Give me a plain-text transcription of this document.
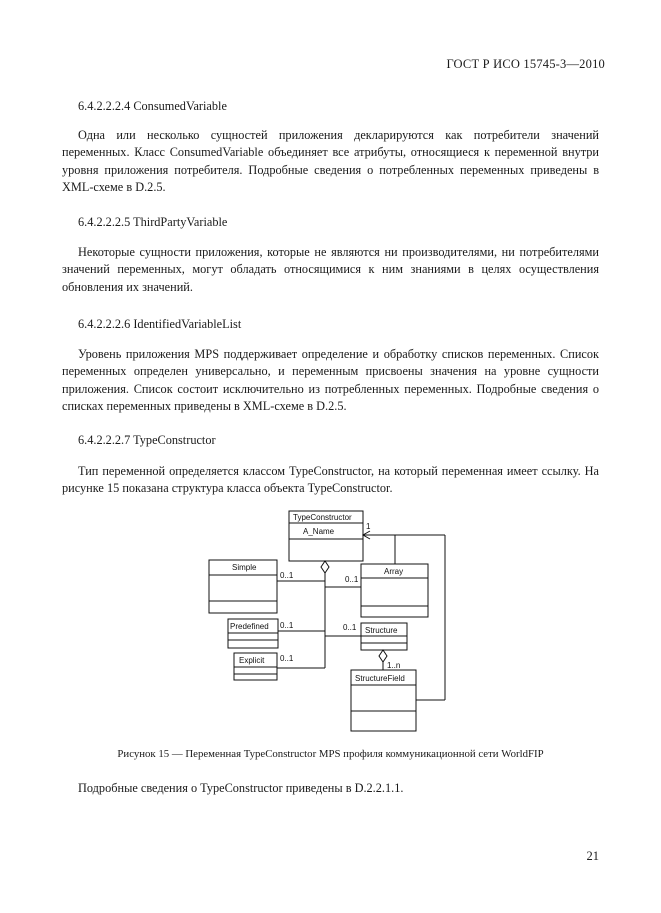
ГОСТ Р ИСО 15745-3—2010
6.4.2.2.2.4 ConsumedVariable
Одна или несколько сущностей приложения декларируются как потребители значений переменных. Класс ConsumedVariable объединяет все атрибуты, относящиеся к переменной внутри уровня приложения потребителя. Подробные сведения о потребленных переменных приведены в XML-схеме в D.2.5.
6.4.2.2.2.5 ThirdPartyVariable
Некоторые сущности приложения, которые не являются ни производителями, ни потребителями значений переменных, могут обладать относящимися к ним знаниями в целях осуществления обновления их значений.
6.4.2.2.2.6 IdentifiedVariableList
Уровень приложения MPS поддерживает определение и обработку списков переменных. Список переменных определен универсально, и переменным присвоены значения на уровне сущности приложения. Список состоит исключительно из потребленных переменных. Подробные сведения о списках переменных приведены в XML-схеме в D.2.5.
6.4.2.2.2.7 TypeConstructor
Тип переменной определяется классом TypeConstructor, на который переменная имеет ссылку. На рисунке 15 показана структура класса объекта TypeConstructor.
TypeConstructor
A_Name
Simple	Array
Predefined	Structure
Explicit
StructureField
1
0..1	0..1
0..1	0..1
0..1
1..n
Рисунок 15 — Переменная TypeConstructor MPS профиля коммуникационной сети WorldFIP
Подробные сведения о TypeConstructor приведены в D.2.2.1.1.
21
